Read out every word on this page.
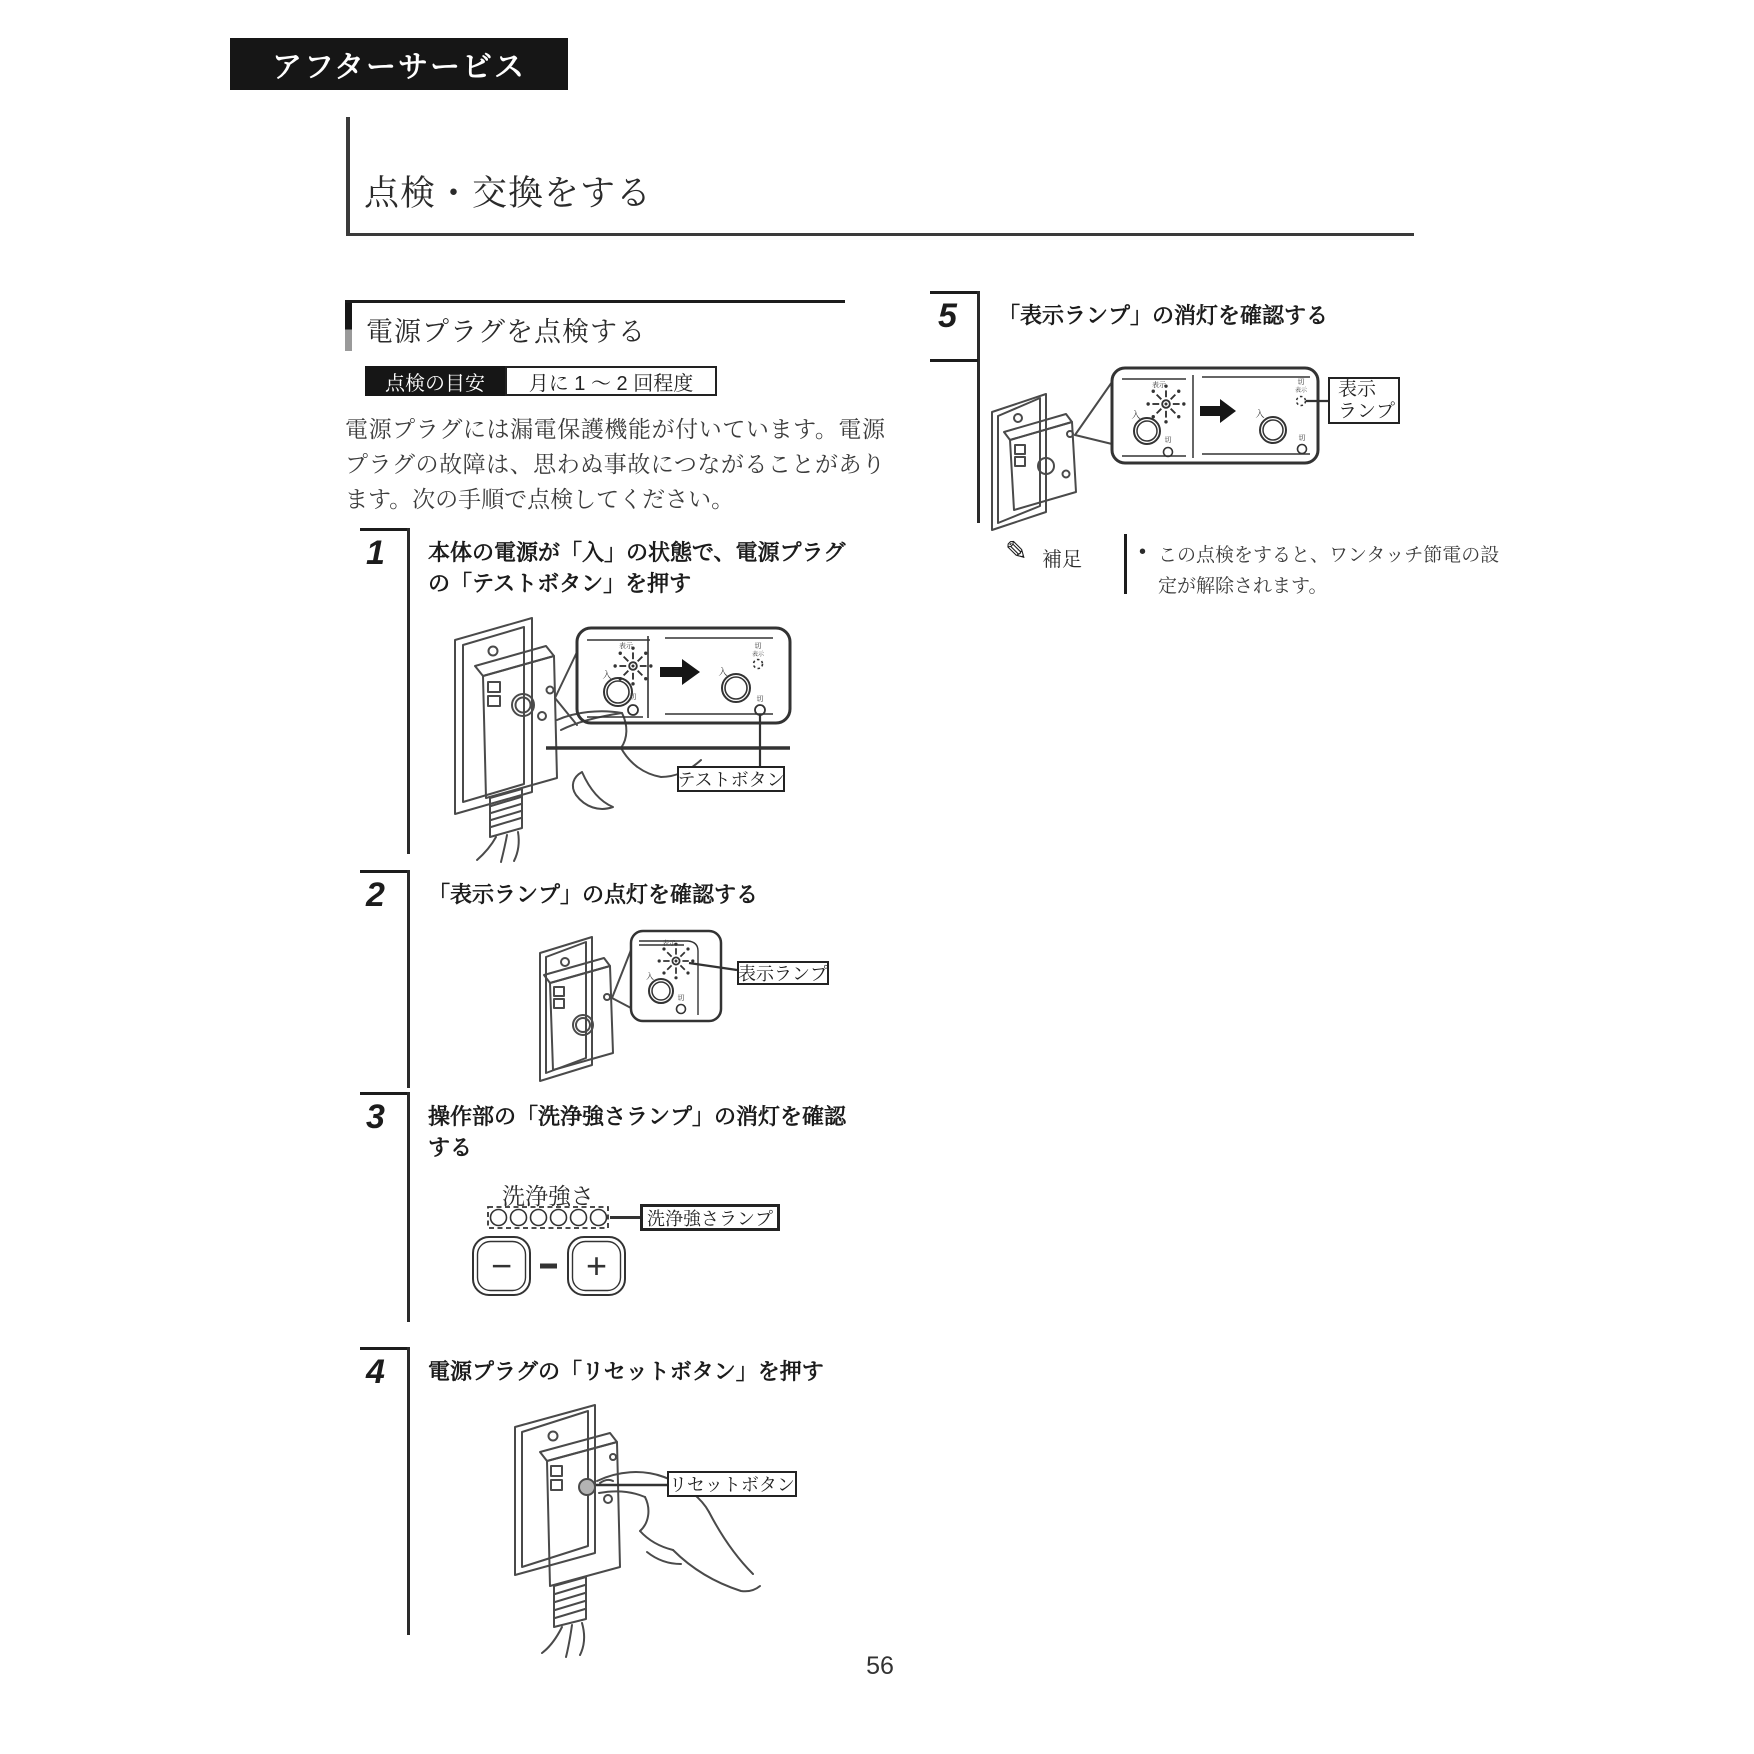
アフターサービス
点検・交換をする
電源プラグを点検する
点検の目安	月に 1 ～ 2 回程度
電源プラグには漏電保護機能が付いています。電源プラグの故障は、思わぬ事故につながることがあります。次の手順で点検してください。
1 本体の電源が「入」の状態で、電源プラグの「テストボタン」を押す
表示
入
切
切
表示
入
切
テストボタン
2 「表示ランプ」の点灯を確認する
表示
入
切
表示ランプ
3 操作部の「洗浄強さランプ」の消灯を確認する
洗浄強さ
− +
洗浄強さランプ
4 電源プラグの「リセットボタン」を押す
リセットボタン
5 「表示ランプ」の消灯を確認する
表示
入
切
切
表示
入
切
表示
ランプ
✎ 補足	• この点検をすると、ワンタッチ節電の設定が解除されます。
56
